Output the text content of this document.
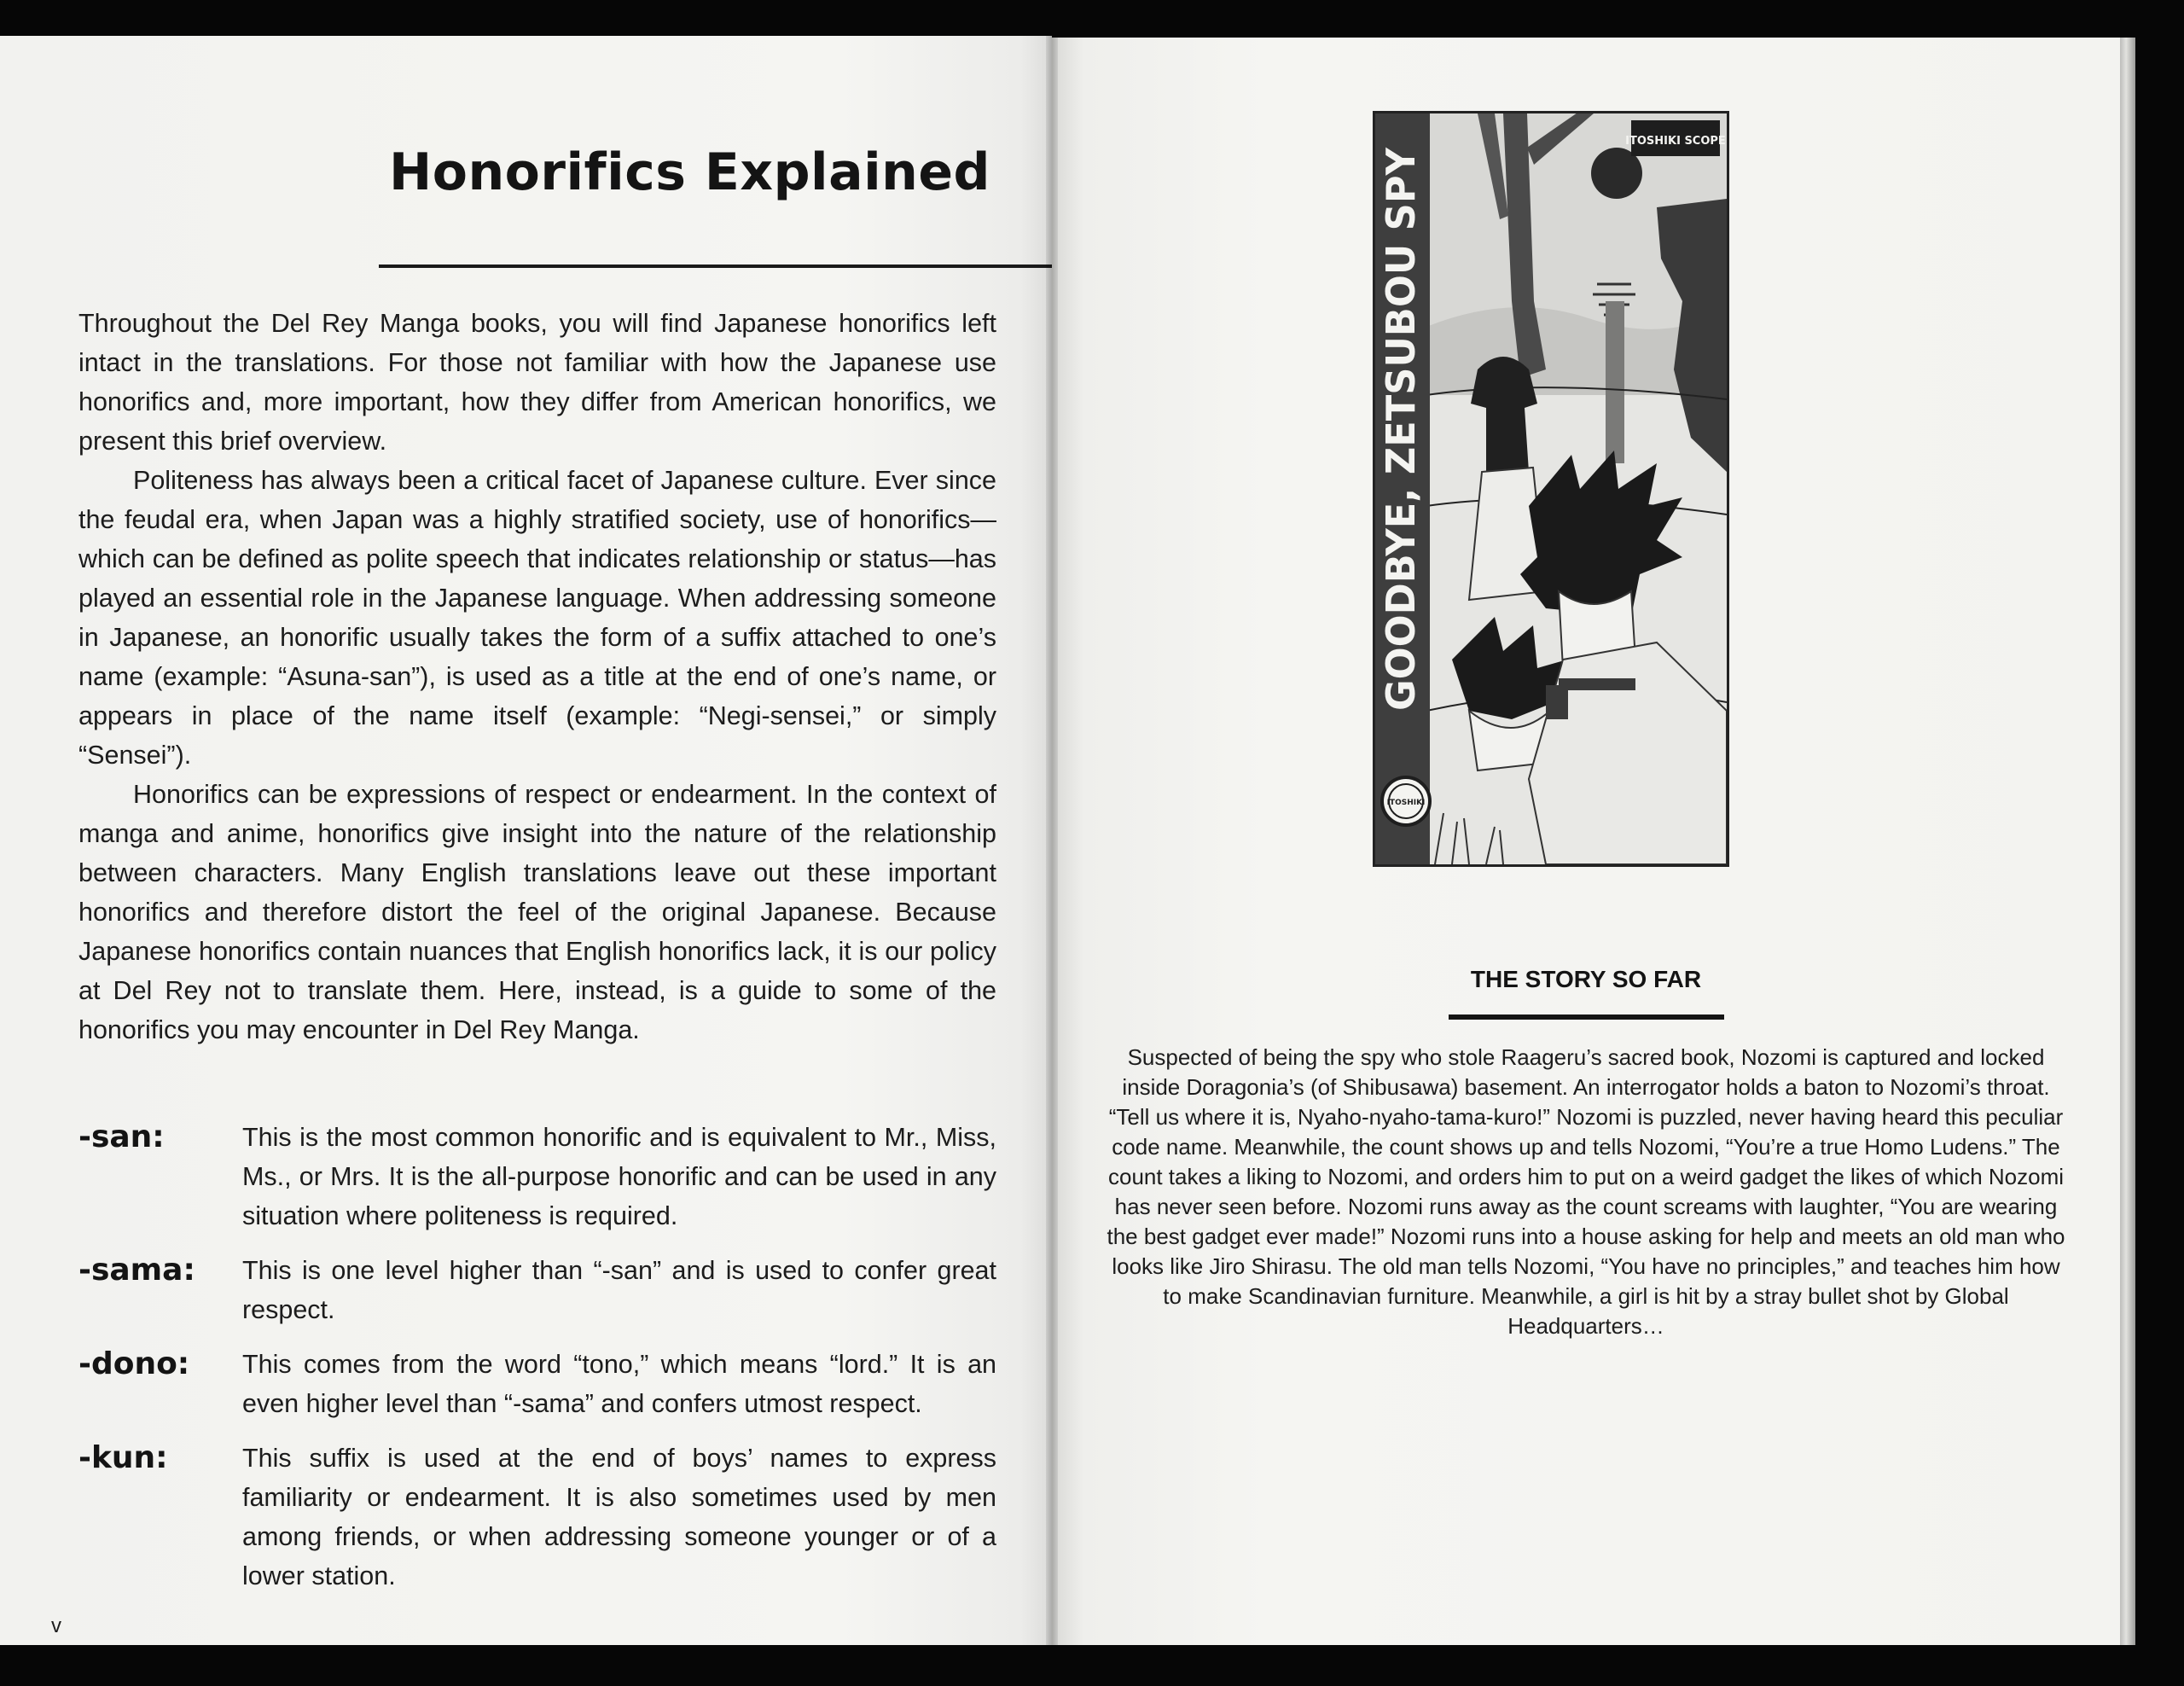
Honorifics Explained

Throughout the Del Rey Manga books, you will find Japanese honorifics left intact in the translations. For those not familiar with how the Japanese use honorifics and, more important, how they differ from American honorifics, we present this brief overview.

Politeness has always been a critical facet of Japanese culture. Ever since the feudal era, when Japan was a highly stratified society, use of honorifics—which can be defined as polite speech that indicates relationship or status—has played an essential role in the Japanese language. When addressing someone in Japanese, an honorific usually takes the form of a suffix attached to one’s name (example: “Asuna-san”), is used as a title at the end of one’s name, or appears in place of the name itself (example: “Negi-sensei,” or simply “Sensei”).

Honorifics can be expressions of respect or endearment. In the context of manga and anime, honorifics give insight into the nature of the relationship between characters. Many English translations leave out these important honorifics and therefore distort the feel of the original Japanese. Because Japanese honorifics contain nuances that English honorifics lack, it is our policy at Del Rey not to translate them. Here, instead, is a guide to some of the honorifics you may encounter in Del Rey Manga.

-san:	This is the most common honorific and is equivalent to Mr., Miss, Ms., or Mrs. It is the all-purpose honorific and can be used in any situation where politeness is required.
-sama:	This is one level higher than “-san” and is used to confer great respect.
-dono:	This comes from the word “tono,” which means “lord.” It is an even higher level than “-sama” and confers utmost respect.
-kun:	This suffix is used at the end of boys’ names to express familiarity or endearment. It is also sometimes used by men among friends, or when addressing someone younger or of a lower station.
v
ITOSHIKI SCOPE
GOODBYE, ZETSUBOU SPY
ITOSHIKI
THE STORY SO FAR

Suspected of being the spy who stole Raageru’s sacred book, Nozomi is captured and locked inside Doragonia’s (of Shibusawa) basement. An interrogator holds a baton to Nozomi’s throat. “Tell us where it is, Nyaho-nyaho-tama-kuro!” Nozomi is puzzled, never having heard this peculiar code name. Meanwhile, the count shows up and tells Nozomi, “You’re a true Homo Ludens.” The count takes a liking to Nozomi, and orders him to put on a weird gadget the likes of which Nozomi has never seen before. Nozomi runs away as the count screams with laughter, “You are wearing the best gadget ever made!” Nozomi runs into a house asking for help and meets an old man who looks like Jiro Shirasu. The old man tells Nozomi, “You have no principles,” and teaches him how to make Scandinavian furniture. Meanwhile, a girl is hit by a stray bullet shot by Global Headquarters…
